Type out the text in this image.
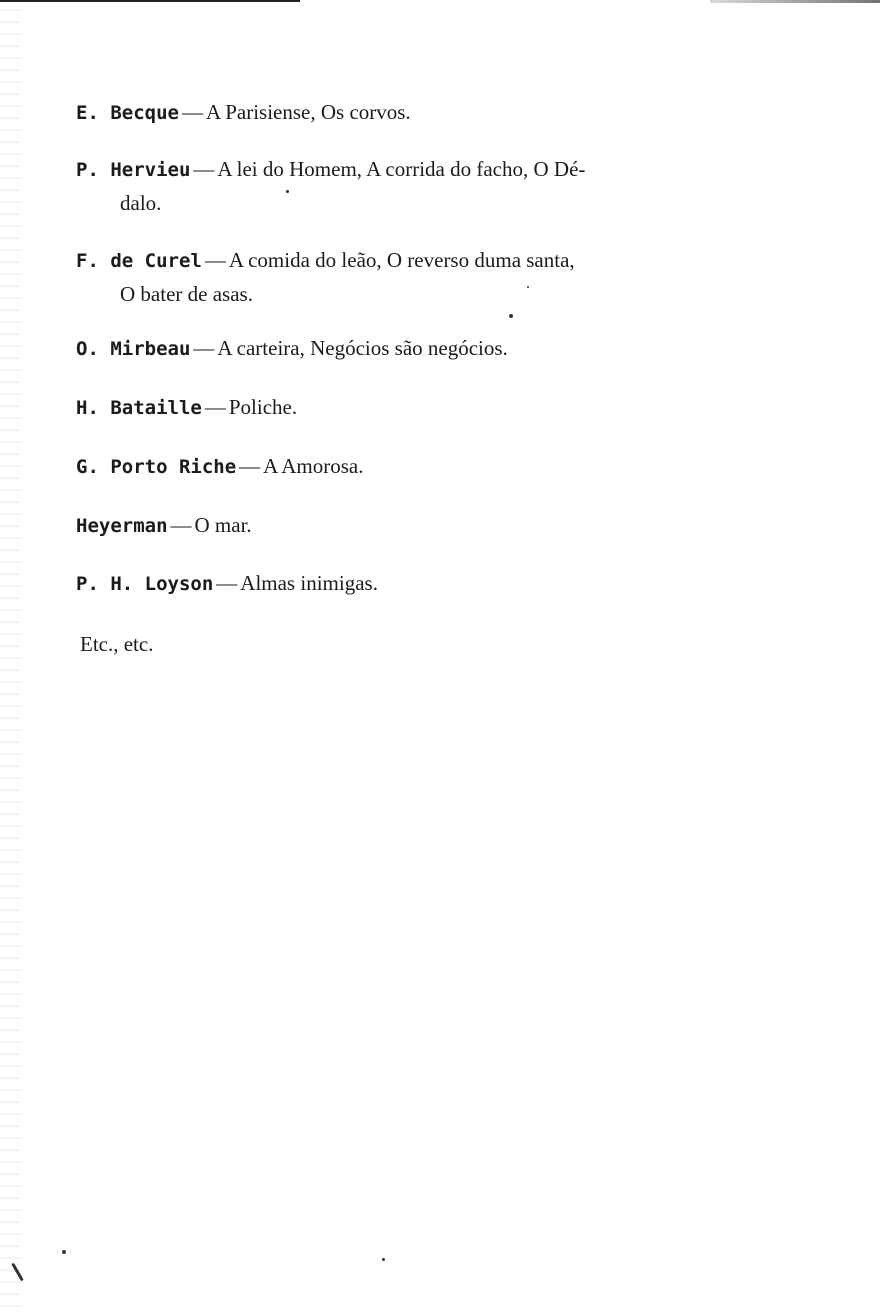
E. Becque — A Parisiense, Os corvos.
P. Hervieu — A lei do Homem, A corrida do facho, O Dé-
dalo.
F. de Curel — A comida do leão, O reverso duma santa,
O bater de asas.
O. Mirbeau — A carteira, Negócios são negócios.
H. Bataille — Poliche.
G. Porto Riche — A Amorosa.
Heyerman — O mar.
P. H. Loyson — Almas inimigas.
Etc., etc.
